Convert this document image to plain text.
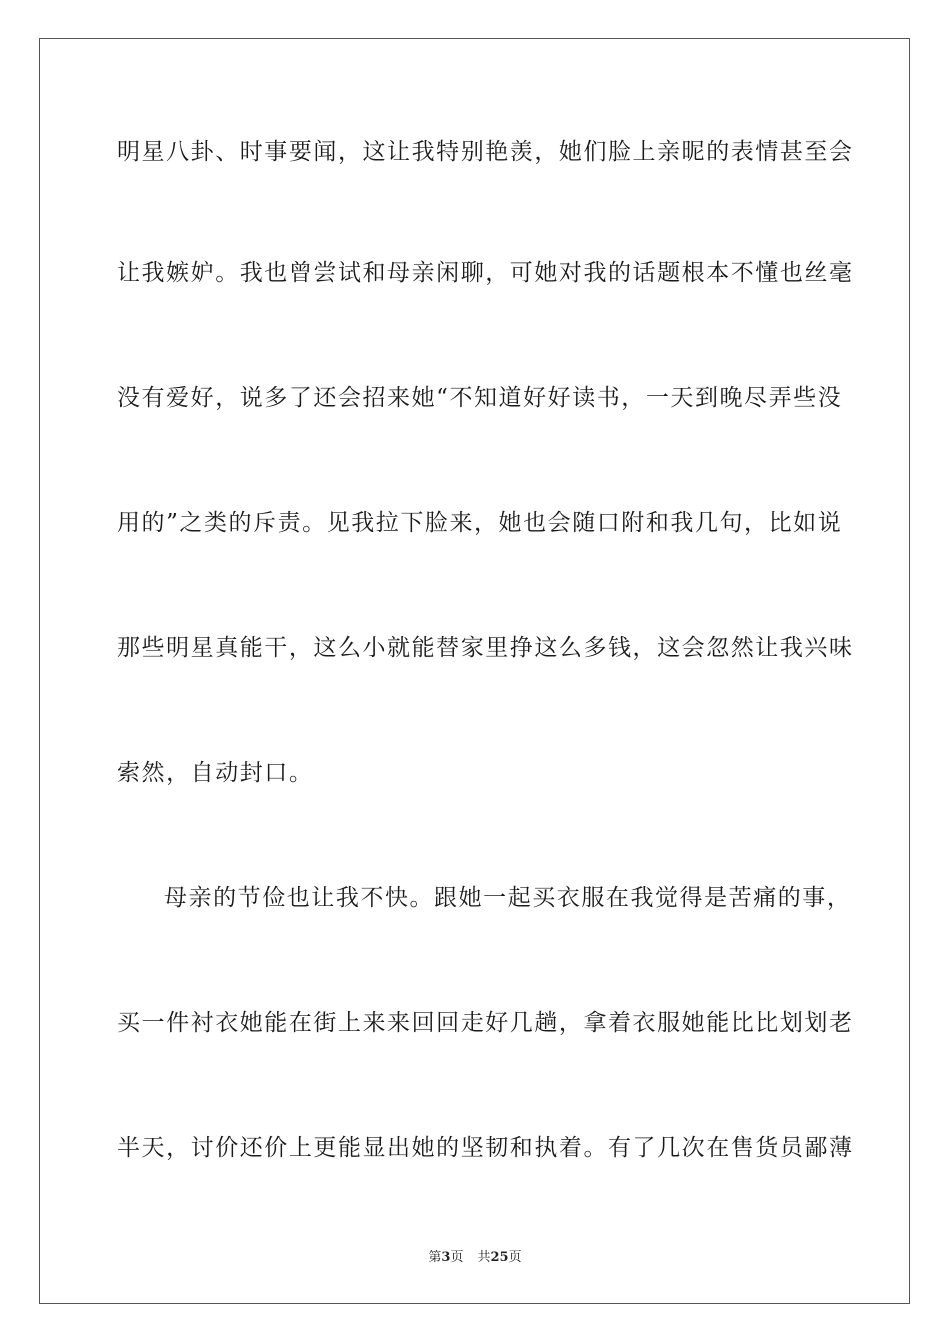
明星八卦、时事要闻，这让我特别艳羡，她们脸上亲昵的表情甚至会
让我嫉妒。我也曾尝试和母亲闲聊，可她对我的话题根本不懂也丝毫
没有爱好，说多了还会招来她“不知道好好读书，一天到晚尽弄些没
用的”之类的斥责。见我拉下脸来，她也会随口附和我几句，比如说
那些明星真能干，这么小就能替家里挣这么多钱，这会忽然让我兴味
索然，自动封口。
母亲的节俭也让我不快。跟她一起买衣服在我觉得是苦痛的事，
买一件衬衣她能在街上来来回回走好几趟，拿着衣服她能比比划划老
半天，讨价还价上更能显出她的坚韧和执着。有了几次在售货员鄙薄
第3页 共25页
